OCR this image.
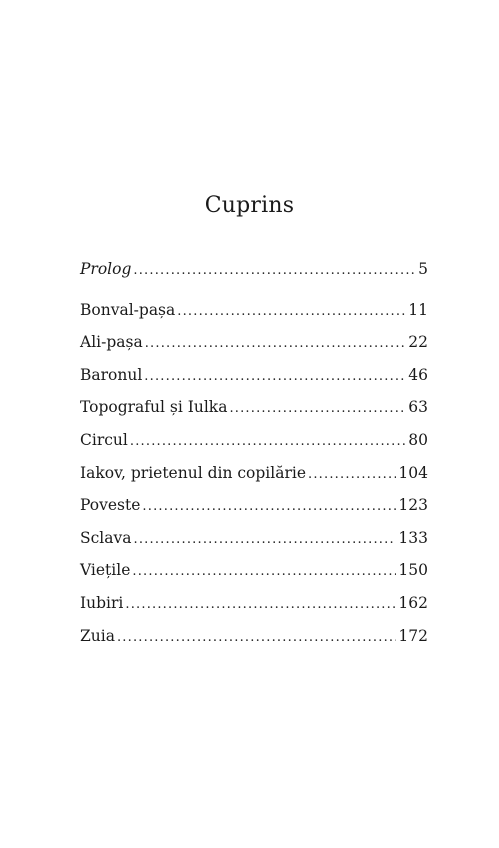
Cuprins
Prolog .....	5
Bonval-pașa .....	11
Ali-pașa .....	22
Baronul .....	46
Topograful și Iulka .....	63
Circul .....	80
Iakov, prietenul din copilărie .....	104
Poveste .....	123
Sclava .....	133
Viețile .....	150
Iubiri .....	162
Zuia .....	172
